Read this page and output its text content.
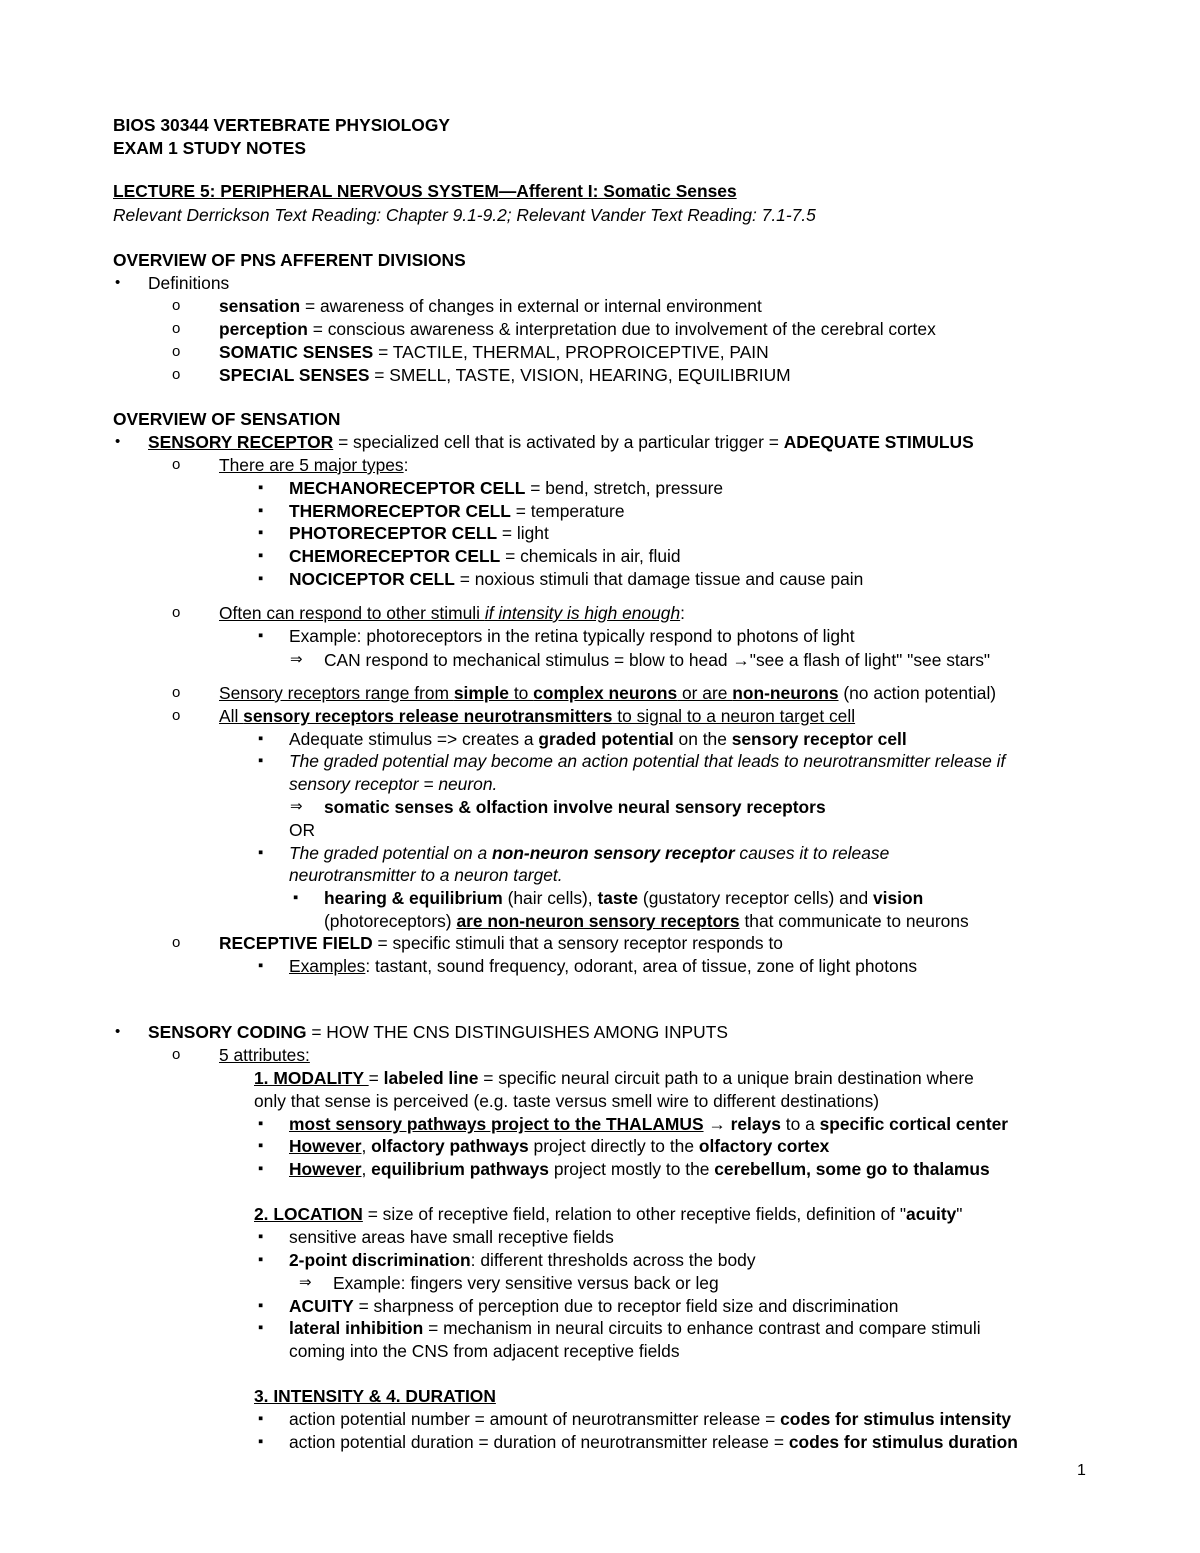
BIOS 30344 VERTEBRATE PHYSIOLOGY
EXAM 1 STUDY NOTES
LECTURE 5: PERIPHERAL NERVOUS SYSTEM—Afferent I: Somatic Senses
Relevant Derrickson Text Reading: Chapter 9.1-9.2; Relevant Vander Text Reading: 7.1-7.5
OVERVIEW OF PNS AFFERENT DIVISIONS
• Definitions
o sensation = awareness of changes in external or internal environment
o perception = conscious awareness & interpretation due to involvement of the cerebral cortex
o SOMATIC SENSES = TACTILE, THERMAL, PROPROICEPTIVE, PAIN
o SPECIAL SENSES = SMELL, TASTE, VISION, HEARING, EQUILIBRIUM
OVERVIEW OF SENSATION
• SENSORY RECEPTOR = specialized cell that is activated by a particular trigger = ADEQUATE STIMULUS
o There are 5 major types:
▪ MECHANORECEPTOR CELL = bend, stretch, pressure
▪ THERMORECEPTOR CELL = temperature
▪ PHOTORECEPTOR CELL = light
▪ CHEMORECEPTOR CELL = chemicals in air, fluid
▪ NOCICEPTOR CELL = noxious stimuli that damage tissue and cause pain
o Often can respond to other stimuli if intensity is high enough:
▪ Example: photoreceptors in the retina typically respond to photons of light
⇒ CAN respond to mechanical stimulus = blow to head →"see a flash of light" "see stars"
o Sensory receptors range from simple to complex neurons or are non-neurons (no action potential)
o All sensory receptors release neurotransmitters to signal to a neuron target cell
▪ Adequate stimulus => creates a graded potential on the sensory receptor cell
▪ The graded potential may become an action potential that leads to neurotransmitter release if
sensory receptor = neuron.
⇒ somatic senses & olfaction involve neural sensory receptors
OR
▪ The graded potential on a non-neuron sensory receptor causes it to release
neurotransmitter to a neuron target.
▪ hearing & equilibrium (hair cells), taste (gustatory receptor cells) and vision
(photoreceptors) are non-neuron sensory receptors that communicate to neurons
o RECEPTIVE FIELD = specific stimuli that a sensory receptor responds to
▪ Examples: tastant, sound frequency, odorant, area of tissue, zone of light photons
• SENSORY CODING = HOW THE CNS DISTINGUISHES AMONG INPUTS
o 5 attributes:
1. MODALITY = labeled line = specific neural circuit path to a unique brain destination where
only that sense is perceived (e.g. taste versus smell wire to different destinations)
▪ most sensory pathways project to the THALAMUS → relays to a specific cortical center
▪ However, olfactory pathways project directly to the olfactory cortex
▪ However, equilibrium pathways project mostly to the cerebellum, some go to thalamus
2. LOCATION = size of receptive field, relation to other receptive fields, definition of "acuity"
▪ sensitive areas have small receptive fields
▪ 2-point discrimination: different thresholds across the body
⇒ Example: fingers very sensitive versus back or leg
▪ ACUITY = sharpness of perception due to receptor field size and discrimination
▪ lateral inhibition = mechanism in neural circuits to enhance contrast and compare stimuli
coming into the CNS from adjacent receptive fields
3. INTENSITY & 4. DURATION
▪ action potential number = amount of neurotransmitter release = codes for stimulus intensity
▪ action potential duration = duration of neurotransmitter release = codes for stimulus duration
1
